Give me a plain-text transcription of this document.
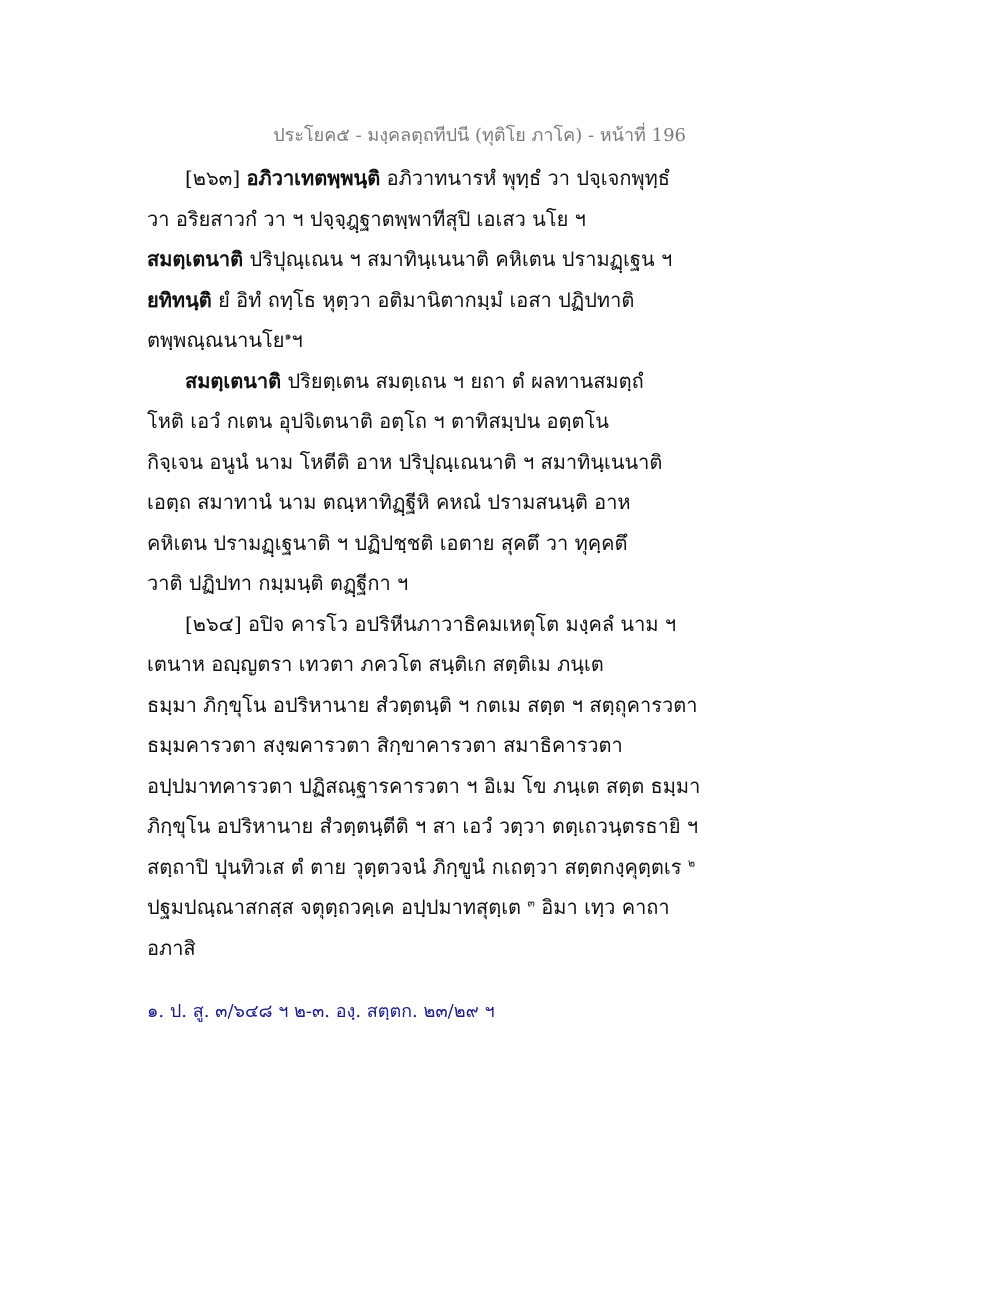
ประโยค๕ - มงฺคลตฺถทีปนี (ทุติโย ภาโค) - หน้าที่ 196
[๒๖๓] อภิวาเทตพฺพนฺติ อภิวาทนารหํ พุทฺธํ วา ปจฺเจกพุทฺธํ
วา อริยสาวกํ วา ฯ ปจฺจฺฎฺฐาตพฺพาทีสุปิ เอเสว นโย ฯ
สมตฺเตนาติ ปริปุณฺเณน ฯ สมาทินฺเนนาติ คหิเตน ปรามฏฺเฐน ฯ
ยทิทนฺติ ยํ อิทํ ถทฺโธ หุตฺวา อติมานิตากมฺมํ เอสา ปฏิปทาติ
ตพฺพณฺณนานโย$^๑$ฯ
สมตฺเตนาติ ปริยตฺเตน สมตฺเถน ฯ ยถา ตํ ผลทานสมตฺถํ
โหติ เอวํ กเตน อุปจิเตนาติ อตฺโถ ฯ ตาทิสมฺปน อตฺตโน
กิจฺเจน อนูนํ นาม โหตีติ อาห ปริปุณฺเณนาติ ฯ สมาทินฺเนนาติ
เอตฺถ สมาทานํ นาม ตณฺหาทิฏฺฐีหิ คหณํ ปรามสนนฺติ อาห
คหิเตน ปรามฏฺเฐนาติ ฯ ปฏิปชฺชติ เอตาย สุคตึ วา ทุคฺคตึ
วาติ ปฏิปทา กมฺมนฺติ ตฏฺฐีกา ฯ
[๒๖๔] อปิจ คารโว อปริหีนภาวาธิคมเหตุโต มงฺคลํ นาม ฯ
เตนาห อญฺญตรา เทวตา ภควโต สนฺติเก สตฺติเม ภนฺเต
ธมฺมา ภิกฺขุโน อปริหานาย สํวตฺตนฺติ ฯ กตเม สตฺต ฯ สตฺถุคารวตา
ธมฺมคารวตา สงฺฆคารวตา สิกฺขาคารวตา สมาธิคารวตา
อปฺปมาทคารวตา ปฏิสณฺฐารคารวตา ฯ อิเม โข ภนฺเต สตฺต ธมฺมา
ภิกฺขุโน อปริหานาย สํวตฺตนฺตีติ ฯ สา เอวํ วตฺวา ตตฺเถวนฺตรธายิ ฯ
สตฺถาปิ ปุนทิวเส ตํ ตาย วุตฺตวจนํ ภิกฺขูนํ กเถตฺวา สตฺตกงฺคุตฺตเร $^๒$
ปฐมปณฺณาสกสฺส จตุตฺถวคฺเค อปฺปมาทสุตฺเต $^๓$ อิมา เทฺว คาถา
อภาสิ
๑. ป. สู. ๓/๖๔๘ ฯ ๒-๓. องฺ. สตฺตก. ๒๓/๒๙ ฯ
